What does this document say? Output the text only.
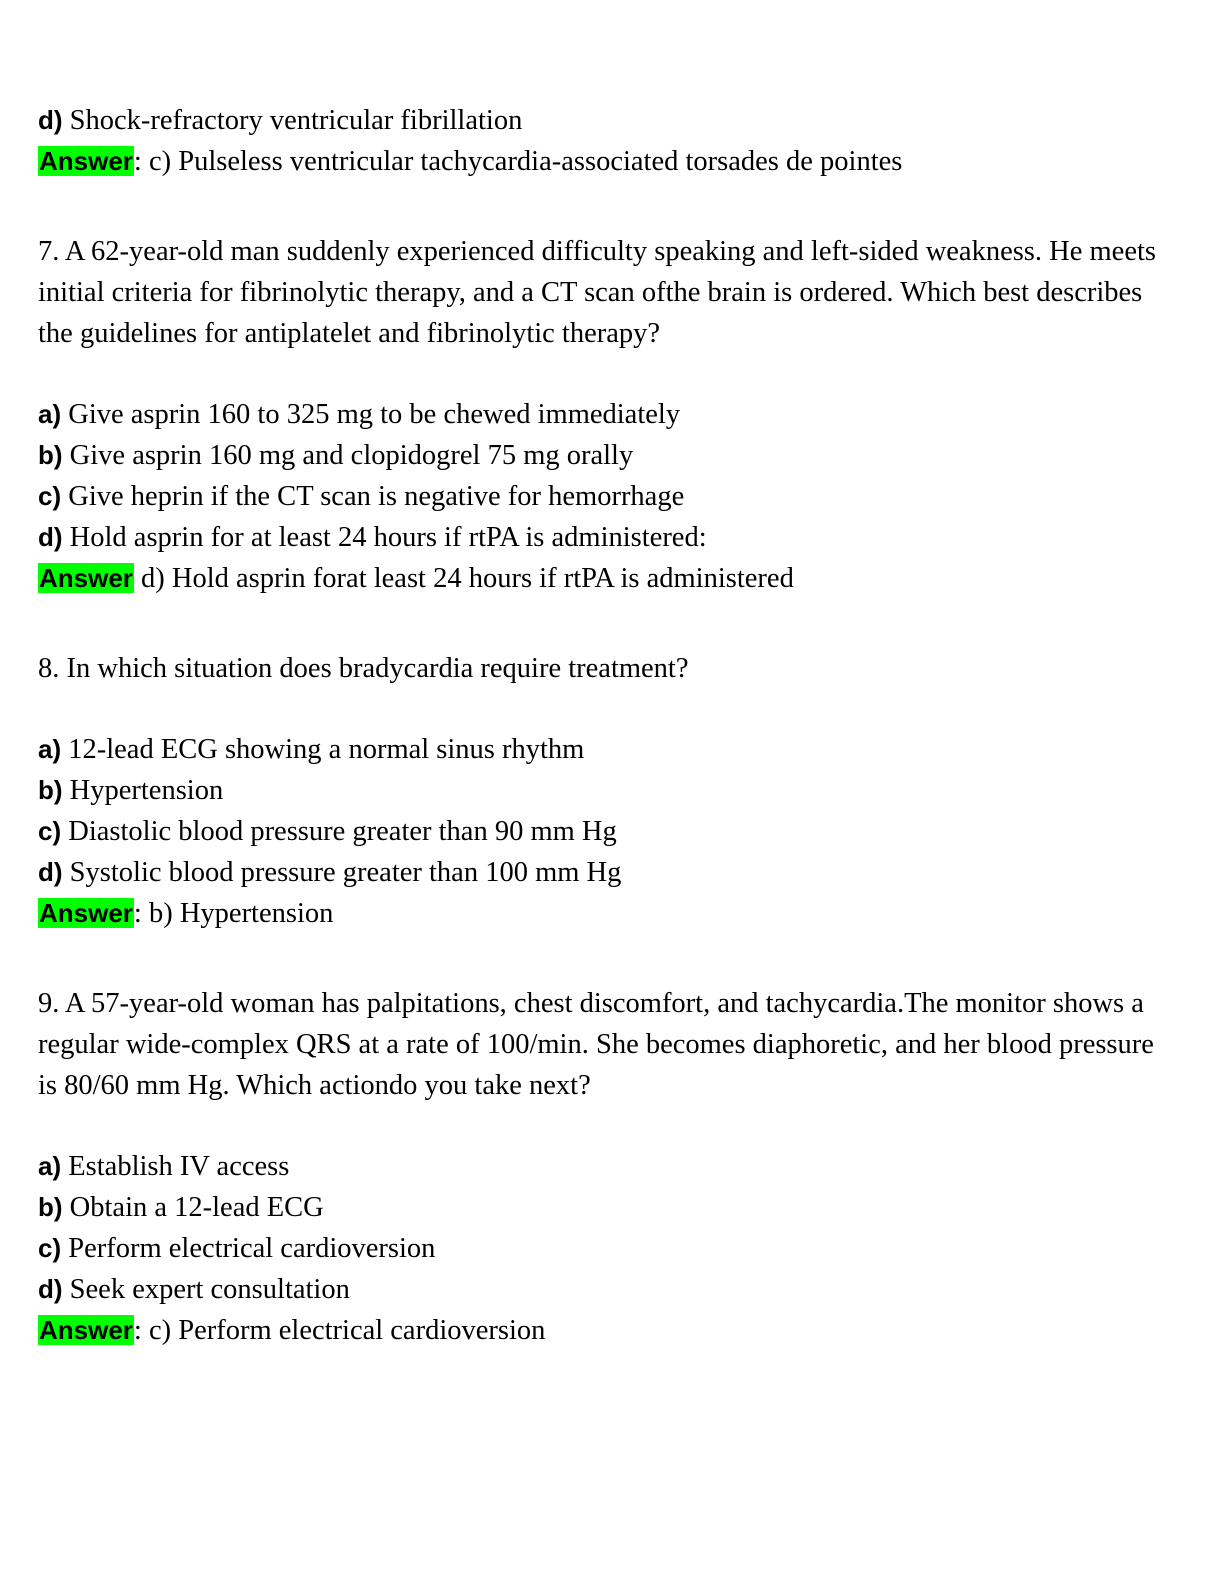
d) Shock-refractory ventricular fibrillation
Answer: c) Pulseless ventricular tachycardia-associated torsades de pointes
7. A 62-year-old man suddenly experienced difficulty speaking and left-sided weakness. He meets initial criteria for fibrinolytic therapy, and a CT scan ofthe brain is ordered. Which best describes the guidelines for antiplatelet and fibrinolytic therapy?
a) Give asprin 160 to 325 mg to be chewed immediately
b) Give asprin 160 mg and clopidogrel 75 mg orally
c) Give heprin if the CT scan is negative for hemorrhage
d) Hold asprin for at least 24 hours if rtPA is administered:
Answer d) Hold asprin forat least 24 hours if rtPA is administered
8. In which situation does bradycardia require treatment?
a) 12-lead ECG showing a normal sinus rhythm
b) Hypertension
c) Diastolic blood pressure greater than 90 mm Hg
d) Systolic blood pressure greater than 100 mm Hg
Answer: b) Hypertension
9. A 57-year-old woman has palpitations, chest discomfort, and tachycardia.The monitor shows a regular wide-complex QRS at a rate of 100/min. She becomes diaphoretic, and her blood pressure is 80/60 mm Hg. Which actiondo you take next?
a) Establish IV access
b) Obtain a 12-lead ECG
c) Perform electrical cardioversion
d) Seek expert consultation
Answer: c) Perform electrical cardioversion
